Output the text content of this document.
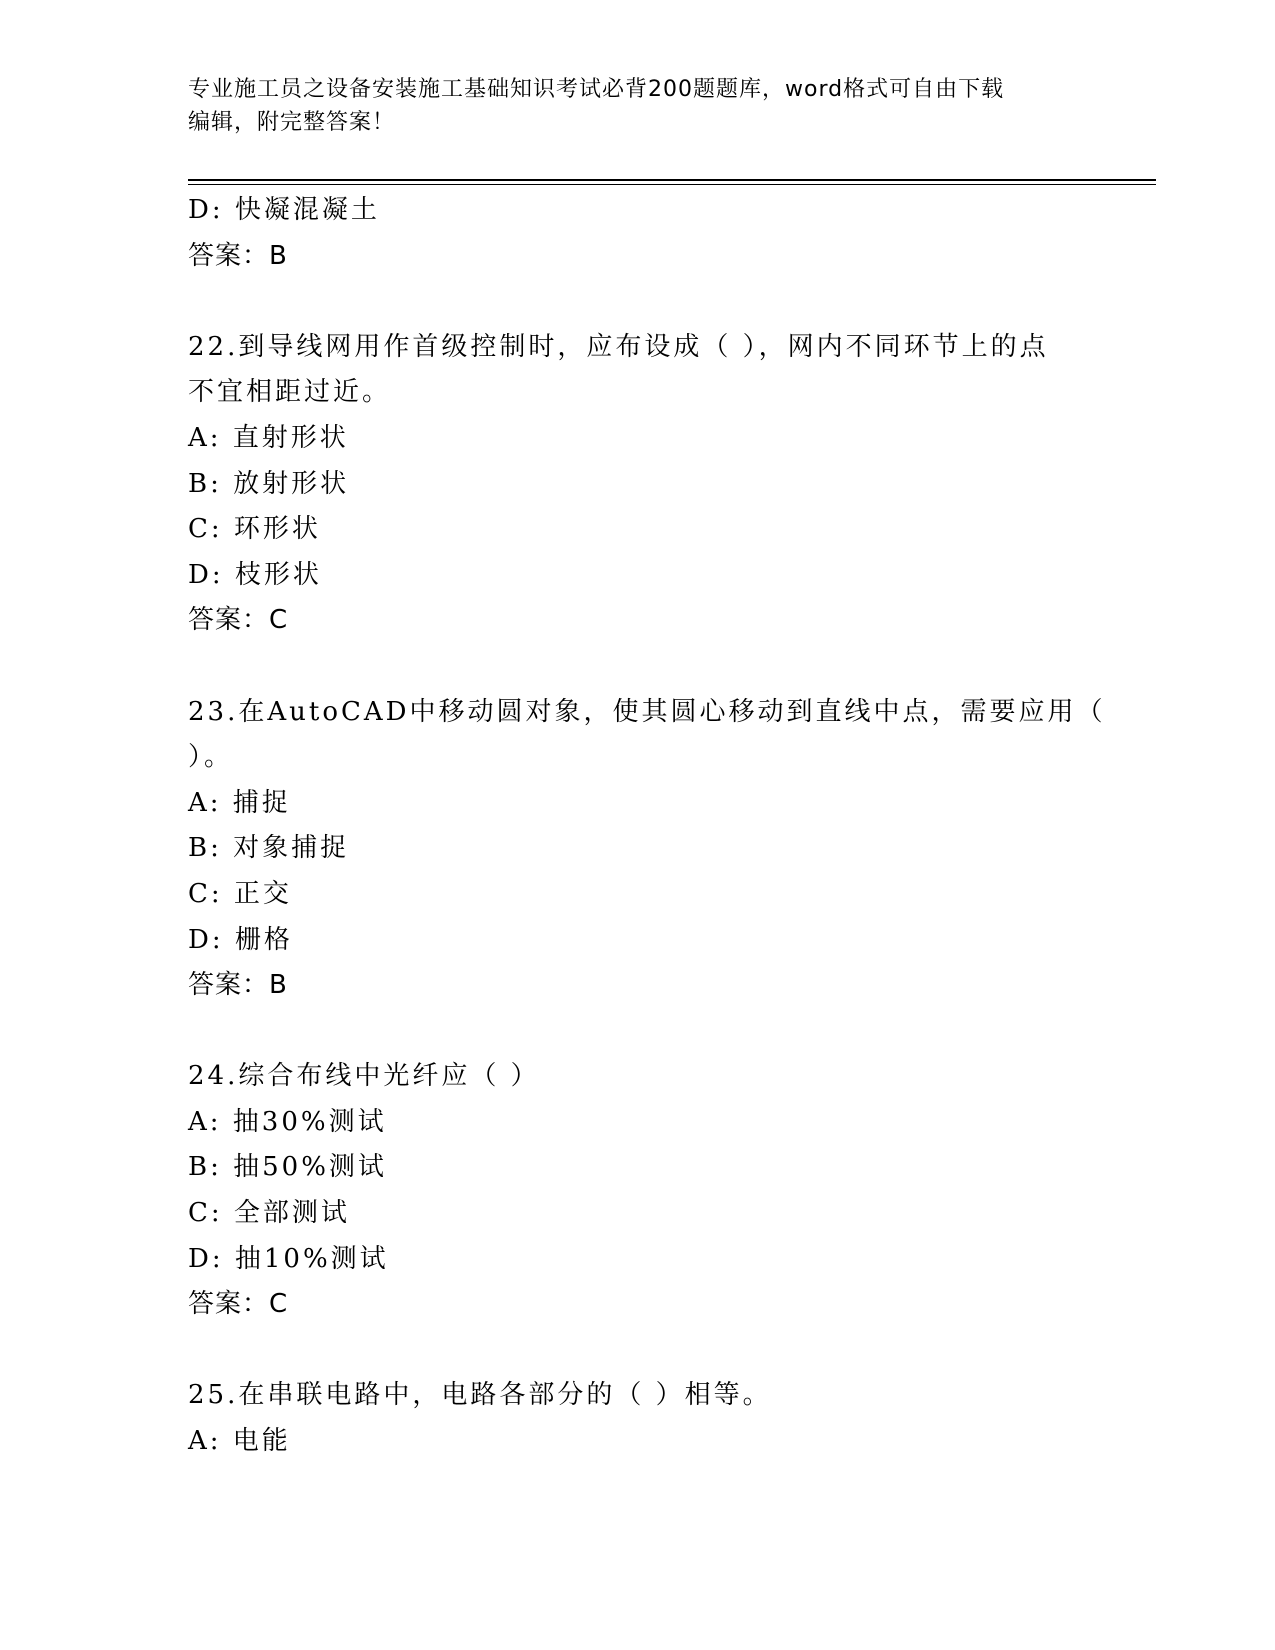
专业施工员之设备安装施工基础知识考试必背200题题库，word格式可自由下载
编辑，附完整答案！
D: 快凝混凝土
答案：B
22.到导线网用作首级控制时，应布设成（ ），网内不同环节上的点
不宜相距过近。
A: 直射形状
B: 放射形状
C: 环形状
D: 枝形状
答案：C
23.在AutoCAD中移动圆对象，使其圆心移动到直线中点，需要应用（
）。
A: 捕捉
B: 对象捕捉
C: 正交
D: 栅格
答案：B
24.综合布线中光纤应（ ）
A: 抽30%测试
B: 抽50%测试
C: 全部测试
D: 抽10%测试
答案：C
25.在串联电路中，电路各部分的（ ）相等。
A: 电能
